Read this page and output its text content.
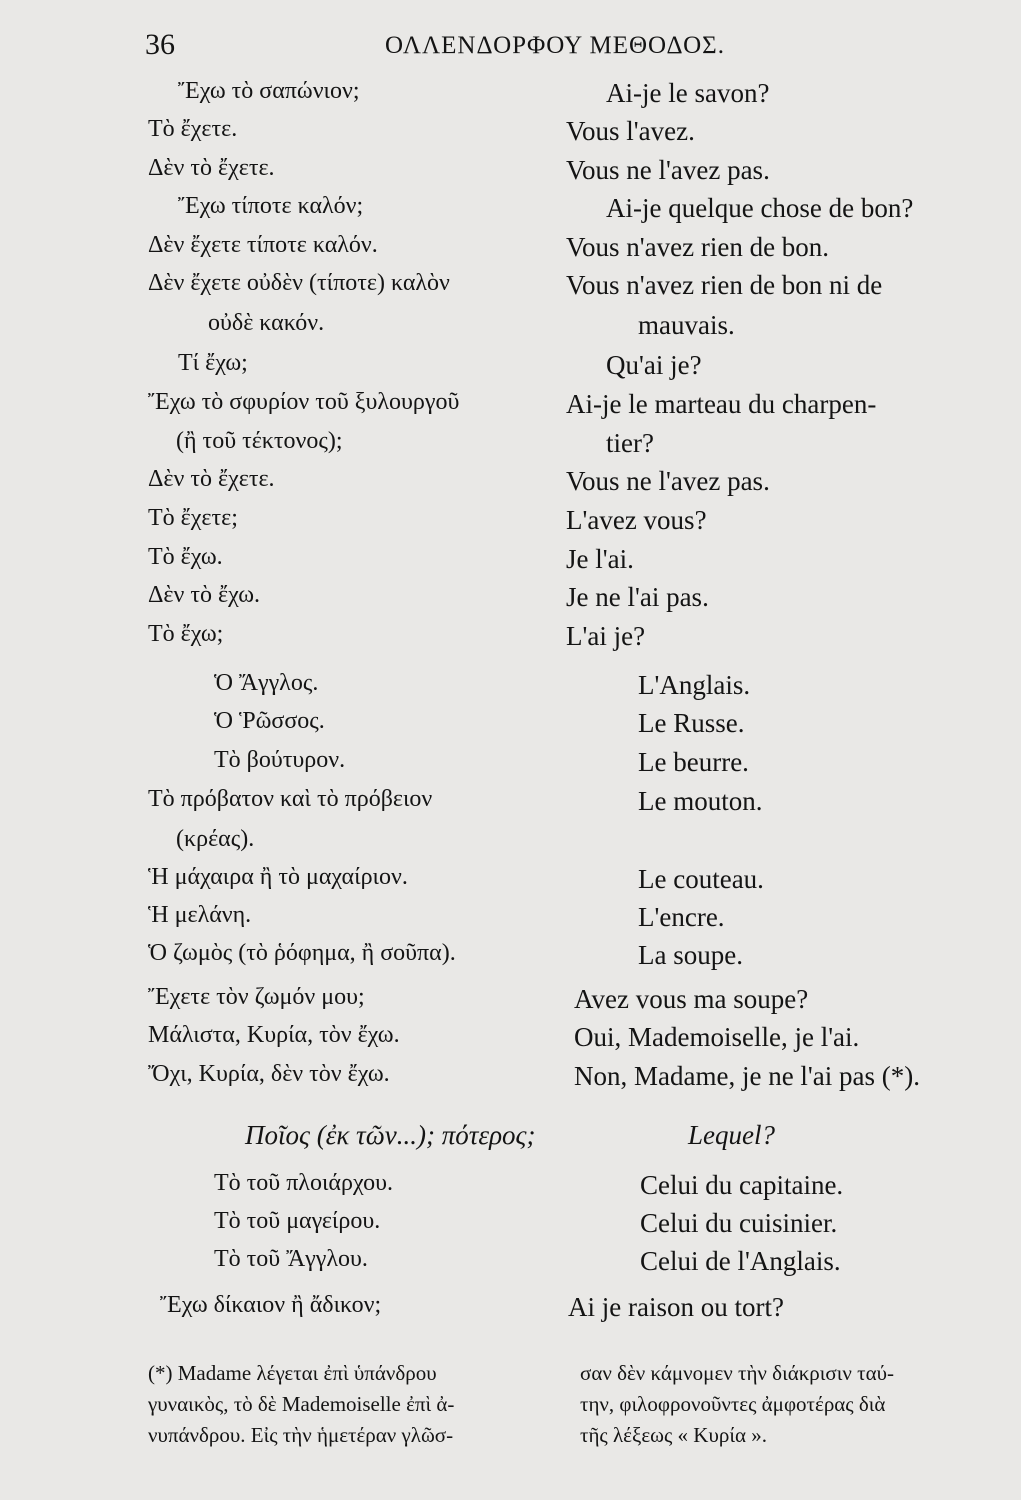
36	ΟΛΛΕΝΔΟΡΦΟΥ ΜΕΘΟΔΟΣ.
Ἔχω τὸ σαπώνιον;	Ai-je le savon?
Τὸ ἔχετε.	Vous l'avez.
Δὲν τὸ ἔχετε.	Vous ne l'avez pas.
Ἔχω τίποτε καλόν;	Ai-je quelque chose de bon?
Δὲν ἔχετε τίποτε καλόν.	Vous n'avez rien de bon.
Δὲν ἔχετε οὐδὲν (τίποτε) καλὸν	Vous n'avez rien de bon ni de
οὐδὲ κακόν.	mauvais.
Τί ἔχω;	Qu'ai je?
Ἔχω τὸ σφυρίον τοῦ ξυλουργοῦ	Ai-je le marteau du charpen-
(ἢ τοῦ τέκτονος);	tier?
Δὲν τὸ ἔχετε.	Vous ne l'avez pas.
Τὸ ἔχετε;	L'avez vous?
Τὸ ἔχω.	Je l'ai.
Δὲν τὸ ἔχω.	Je ne l'ai pas.
Τὸ ἔχω;	L'ai je?
Ὁ Ἄγγλος.	L'Anglais.
Ὁ Ῥῶσσος.	Le Russe.
Τὸ βούτυρον.	Le beurre.
Τὸ πρόβατον καὶ τὸ πρόβειον	Le mouton.
(κρέας).
Ἡ μάχαιρα ἢ τὸ μαχαίριον.	Le couteau.
Ἡ μελάνη.	L'encre.
Ὁ ζωμὸς (τὸ ῥόφημα, ἢ σοῦπα).	La soupe.
Ἔχετε τὸν ζωμόν μου;	Avez vous ma soupe?
Μάλιστα, Κυρία, τὸν ἔχω.	Oui, Mademoiselle, je l'ai.
Ὄχι, Κυρία, δὲν τὸν ἔχω.	Non, Madame, je ne l'ai pas (*).
Ποῖος (ἐκ τῶν...); πότερος;	Lequel?
Τὸ τοῦ πλοιάρχου.	Celui du capitaine.
Τὸ τοῦ μαγείρου.	Celui du cuisinier.
Τὸ τοῦ Ἄγγλου.	Celui de l'Anglais.
Ἔχω δίκαιον ἢ ἄδικον;	Ai je raison ou tort?
(*) Madame λέγεται ἐπὶ ὑπάνδρου
γυναικὸς, τὸ δὲ Mademoiselle ἐπὶ ἀ-
νυπάνδρου. Εἰς τὴν ἡμετέραν γλῶσ-
σαν δὲν κάμνομεν τὴν διάκρισιν ταύ-
την, φιλοφρονοῦντες ἀμφοτέρας διὰ
τῆς λέξεως « Κυρία ».
